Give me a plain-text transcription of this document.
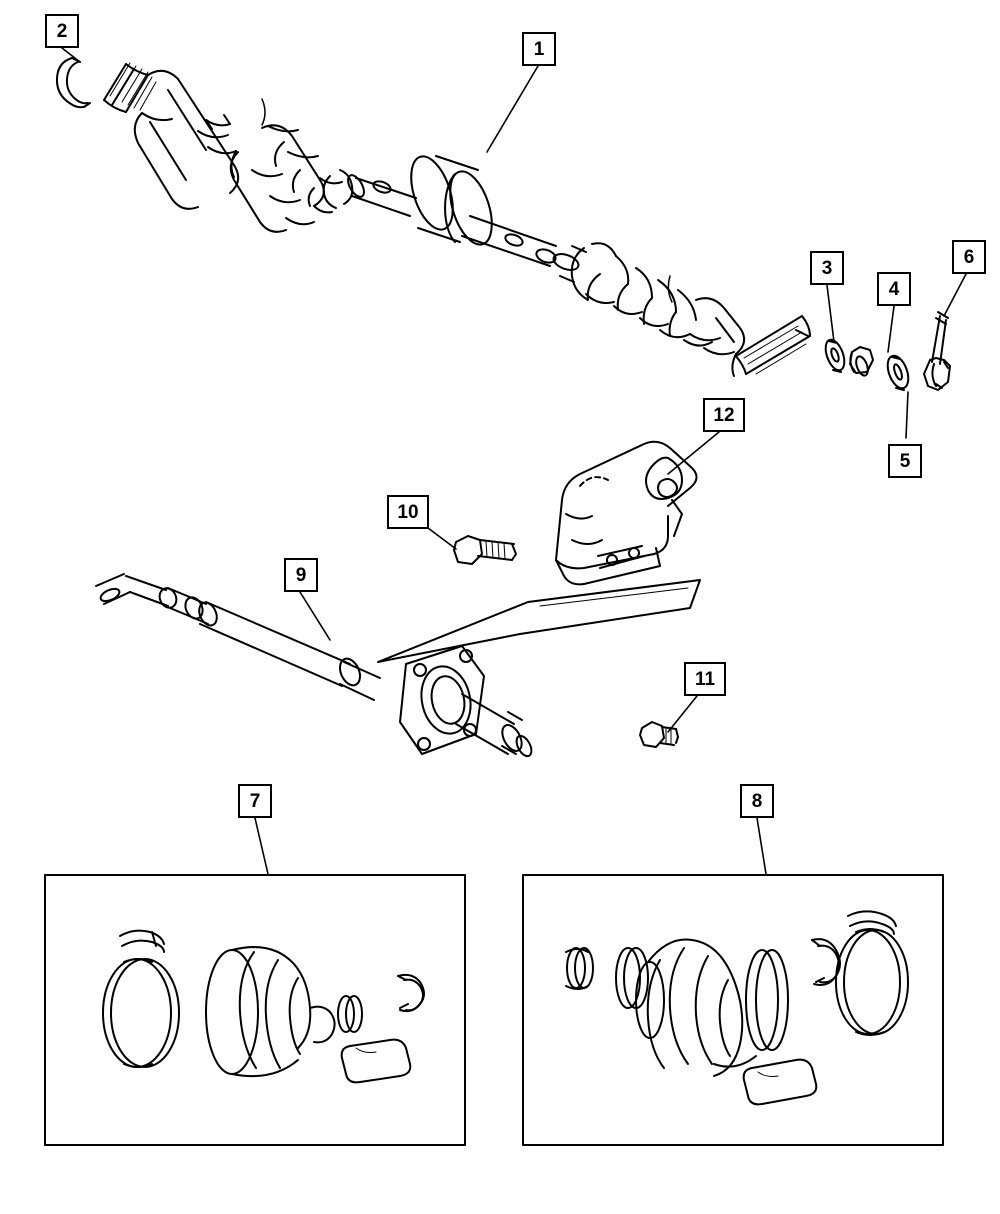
1
2
3
4
5
6
7	8
9
10
11
12
